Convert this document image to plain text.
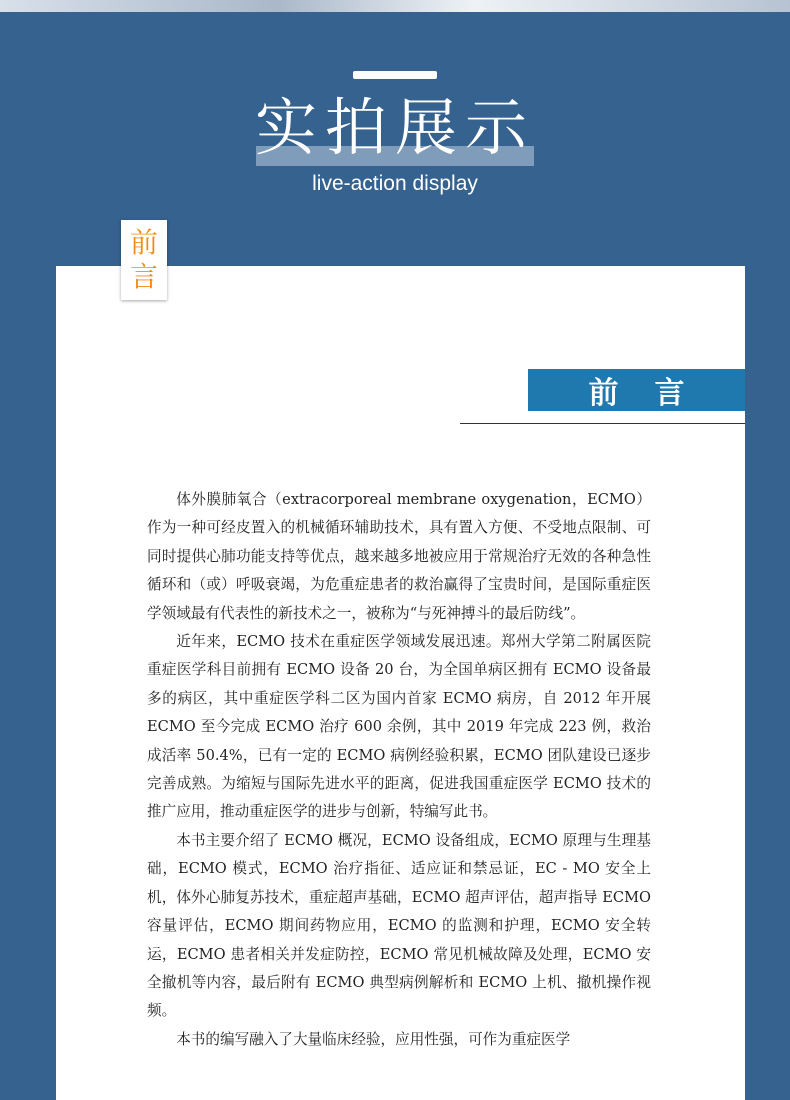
实拍展示
live-action display
前
言
前言

体外膜肺氧合（extracorporeal membrane oxygenation，ECMO）作为一种可经皮置入的机械循环辅助技术，具有置入方便、不受地点限制、可同时提供心肺功能支持等优点，越来越多地被应用于常规治疗无效的各种急性循环和（或）呼吸衰竭，为危重症患者的救治赢得了宝贵时间，是国际重症医学领域最有代表性的新技术之一，被称为“与死神搏斗的最后防线”。

近年来，ECMO 技术在重症医学领域发展迅速。郑州大学第二附属医院重症医学科目前拥有 ECMO 设备 20 台，为全国单病区拥有 ECMO 设备最多的病区，其中重症医学科二区为国内首家 ECMO 病房，自 2012 年开展 ECMO 至今完成 ECMO 治疗 600 余例，其中 2019 年完成 223 例，救治成活率 50.4%，已有一定的 ECMO 病例经验积累，ECMO 团队建设已逐步完善成熟。为缩短与国际先进水平的距离，促进我国重症医学 ECMO 技术的推广应用，推动重症医学的进步与创新，特编写此书。

本书主要介绍了 ECMO 概况，ECMO 设备组成，ECMO 原理与生理基础，ECMO 模式，ECMO 治疗指征、适应证和禁忌证，EC - MO 安全上机，体外心肺复苏技术，重症超声基础，ECMO 超声评估，超声指导 ECMO 容量评估，ECMO 期间药物应用，ECMO 的监测和护理，ECMO 安全转运，ECMO 患者相关并发症防控，ECMO 常见机械故障及处理，ECMO 安全撤机等内容，最后附有 ECMO 典型病例解析和 ECMO 上机、撤机操作视频。

本书的编写融入了大量临床经验，应用性强，可作为重症医学
